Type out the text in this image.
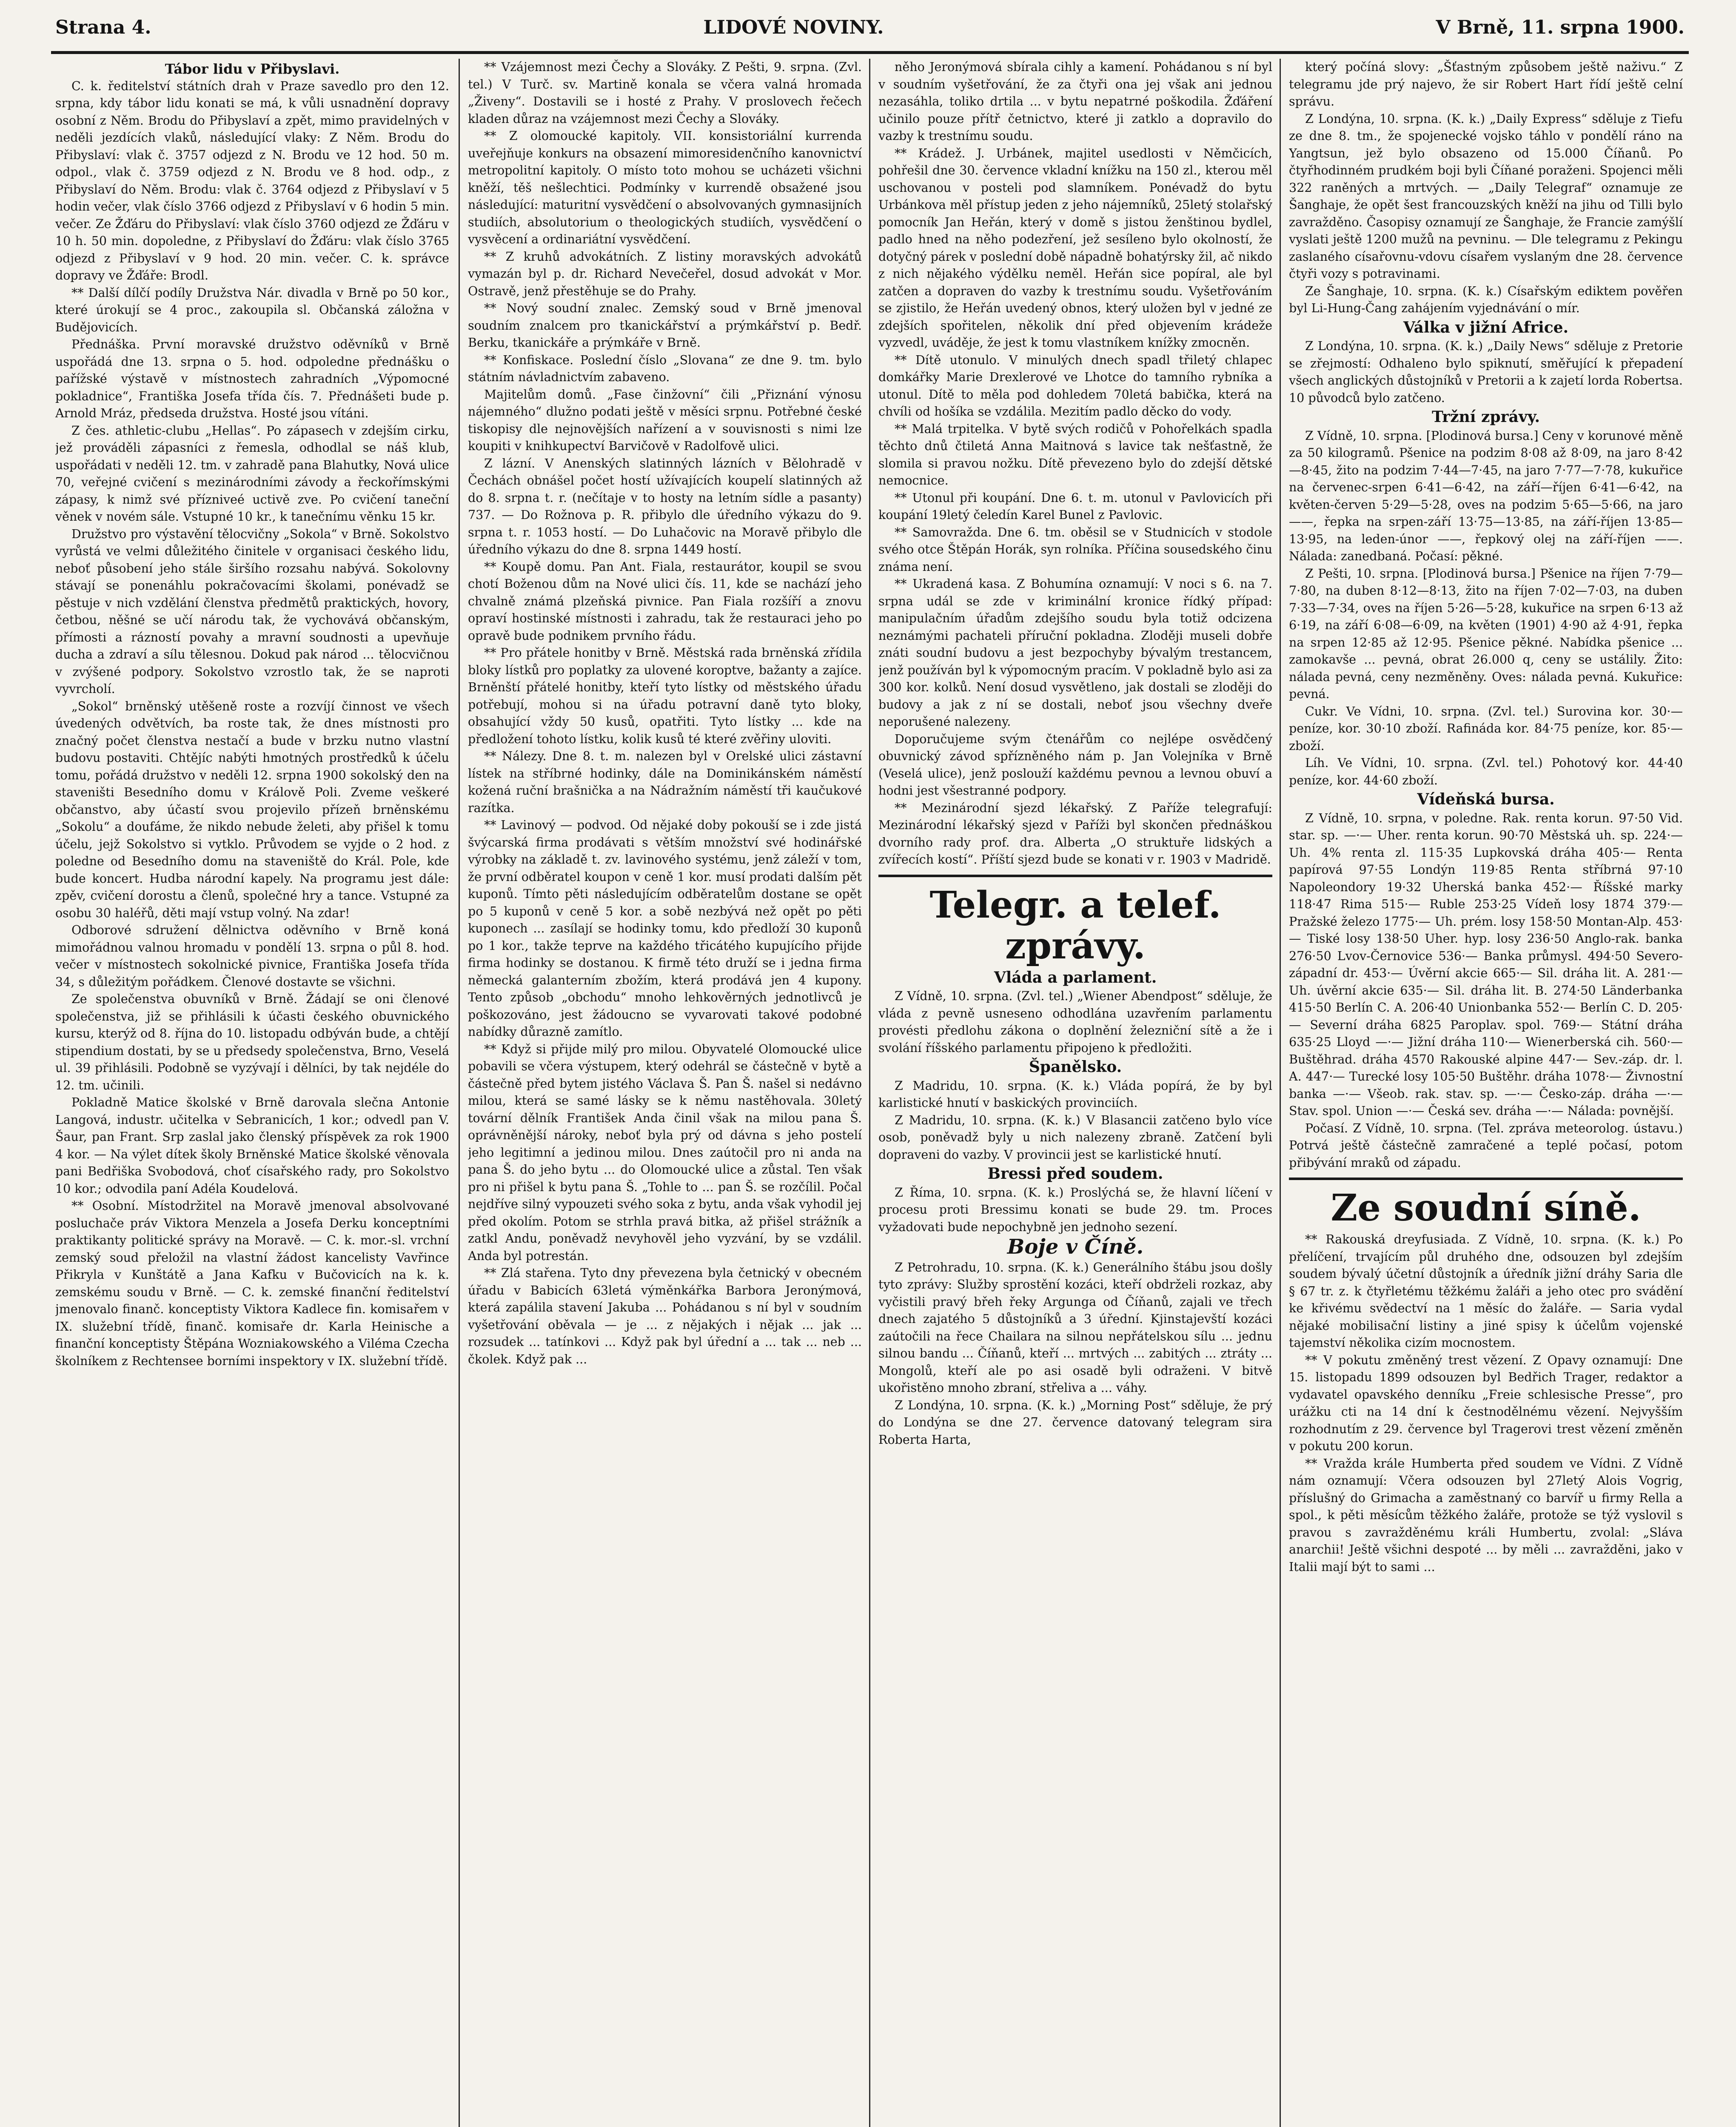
Strana 4.	LIDOVÉ NOVINY.	V Brně, 11. srpna 1900.
Tábor lidu v Přibyslavi.

C. k. ředitelství státních drah v Praze savedlo pro den 12. srpna, kdy tábor lidu konati se má, k vůli usnadnění dopravy osobní z Něm. Brodu do Přibyslaví a zpět, mimo pravidelných v neděli jezdících vlaků, následující vlaky: Z Něm. Brodu do Přibyslaví: vlak č. 3757 odjezd z N. Brodu ve 12 hod. 50 m. odpol., vlak č. 3759 odjezd z N. Brodu ve 8 hod. odp., z Přibyslaví do Něm. Brodu: vlak č. 3764 odjezd z Přibyslaví v 5 hodin večer, vlak číslo 3766 odjezd z Přibyslaví v 6 hodin 5 min. večer. Ze Žďáru do Přibyslaví: vlak číslo 3760 odjezd ze Žďáru v 10 h. 50 min. dopoledne, z Přibyslaví do Žďáru: vlak číslo 3765 odjezd z Přibyslaví v 9 hod. 20 min. večer. C. k. správce dopravy ve Žďáře: Brodl.

** Další dílčí podíly Družstva Nár. divadla v Brně po 50 kor., které úrokují se 4 proc., zakoupila sl. Občanská záložna v Budějovicích.

Přednáška. První moravské družstvo oděvníků v Brně uspořádá dne 13. srpna o 5. hod. odpoledne přednášku o pařížské výstavě v místnostech zahradních „Výpomocné pokladnice“, Františka Josefa třída čís. 7. Přednášeti bude p. Arnold Mráz, předseda družstva. Hosté jsou vítáni.

Z čes. athletic-clubu „Hellas“. Po zápasech v zdejším cirku, jež prováděli zápasníci z řemesla, odhodlal se náš klub, uspořádati v neděli 12. tm. v zahradě pana Blahutky, Nová ulice 70, veřejné cvičení s mezinárodními závody a řeckořímskými zápasy, k nimž své přízniveé uctivě zve. Po cvičení taneční věnek v novém sále. Vstupné 10 kr., k tanečnímu věnku 15 kr.

Družstvo pro výstavění tělocvičny „Sokola“ v Brně. Sokolstvo vyrůstá ve velmi důležitého činitele v organisaci českého lidu, neboť působení jeho stále širšího rozsahu nabývá. Sokolovny stávají se ponenáhlu pokračovacími školami, ponévadž se pěstuje v nich vzdělání členstva předmětů praktických, hovory, četbou, něšné se učí národu tak, že vychovává občanským, přímosti a rázností povahy a mravní soudnosti a upevňuje ducha a zdraví a sílu tělesnou. Dokud pak národ ... tělocvičnou v zvýšené podpory. Sokolstvo vzrostlo tak, že se naproti vyvrcholí.

„Sokol“ brněnský utěšeně roste a rozvíjí činnost ve všech úvedených odvětvích, ba roste tak, že dnes místnosti pro značný počet členstva nestačí a bude v brzku nutno vlastní budovu postaviti. Chtějíc nabýti hmotných prostředků k účelu tomu, pořádá družstvo v neděli 12. srpna 1900 sokolský den na staveništi Besedního domu v Králově Poli. Zveme veškeré občanstvo, aby účastí svou projevilo přízeň brněnskému „Sokolu“ a doufáme, že nikdo nebude želeti, aby přišel k tomu účelu, jejž Sokolstvo si vytklo. Průvodem se vyjde o 2 hod. z poledne od Besedního domu na staveniště do Král. Pole, kde bude koncert. Hudba národní kapely. Na programu jest dále: zpěv, cvičení dorostu a členů, společné hry a tance. Vstupné za osobu 30 haléřů, děti mají vstup volný. Na zdar!

Odborové sdružení dělnictva oděvního v Brně koná mimořádnou valnou hromadu v pondělí 13. srpna o půl 8. hod. večer v místnostech sokolnické pivnice, Františka Josefa třída 34, s důležitým pořádkem. Členové dostavte se všichni.

Ze společenstva obuvníků v Brně. Žádají se oni členové společenstva, již se přihlásili k účasti českého obuvnického kursu, kterýž od 8. října do 10. listopadu odbýván bude, a chtějí stipendium dostati, by se u předsedy společenstva, Brno, Veselá ul. 39 přihlásili. Podobně se vyzývají i dělníci, by tak nejdéle do 12. tm. učinili.

Pokladně Matice školské v Brně darovala slečna Antonie Langová, industr. učitelka v Sebranicích, 1 kor.; odvedl pan V. Šaur, pan Frant. Srp zaslal jako členský příspěvek za rok 1900 4 kor. — Na výlet dítek školy Brněnské Matice školské věnovala pani Bedřiška Svobodová, choť císařského rady, pro Sokolstvo 10 kor.; odvodila paní Adéla Koudelová.

** Osobní. Místodržitel na Moravě jmenoval absolvované posluchače práv Viktora Menzela a Josefa Derku konceptními praktikanty politické správy na Moravě. — C. k. mor.-sl. vrchní zemský soud přeložil na vlastní žádost kancelisty Vavřince Přikryla v Kunštátě a Jana Kafku v Bučovicích na k. k. zemskému soudu v Brně. — C. k. zemské finanční ředitelství jmenovalo finanč. konceptisty Viktora Kadlece fin. komisařem v IX. služební třídě, finanč. komisaře dr. Karla Heinische a finanční konceptisty Štěpána Wozniakowského a Viléma Czecha školníkem z Rechtensee borními inspektory v IX. služební třídě.

** Vzájemnost mezi Čechy a Slováky. Z Pešti, 9. srpna. (Zvl. tel.) V Turč. sv. Martině konala se včera valná hromada „Živeny“. Dostavili se i hosté z Prahy. V proslovech řečech kladen důraz na vzájemnost mezi Čechy a Slováky.

** Z olomoucké kapitoly. VII. konsistoriální kurrenda uveřejňuje konkurs na obsazení mimoresidenčního kanovnictví metropolitní kapitoly. O místo toto mohou se ucházeti všichni kněží, těš nešlechtici. Podmínky v kurrendě obsažené jsou následující: maturitní vysvědčení o absolvovaných gymnasijních studiích, absolutorium o theologických studiích, vysvědčení o vysvěcení a ordinariátní vysvědčení.

** Z kruhů advokátních. Z listiny moravských advokátů vymazán byl p. dr. Richard Nevečeřel, dosud advokát v Mor. Ostravě, jenž přestěhuje se do Prahy.

** Nový soudní znalec. Zemský soud v Brně jmenoval soudním znalcem pro tkanickářství a prýmkářství p. Bedř. Berku, tkanickáře a prýmkáře v Brně.

** Konfiskace. Poslední číslo „Slovana“ ze dne 9. tm. bylo státním návladnictvím zabaveno.

Majitelům domů. „Fase činžovní“ čili „Přiznání výnosu nájemného“ dlužno podati ještě v měsíci srpnu. Potřebné české tiskopisy dle nejnovějších nařízení a v souvisnosti s nimi lze koupiti v knihkupectví Barvičově v Radolfově ulici.

Z lázní. V Anenských slatinných lázních v Bělohradě v Čechách obnášel počet hostí užívajících koupelí slatinných až do 8. srpna t. r. (nečítaje v to hosty na letním sídle a pasanty) 737. — Do Rožnova p. R. přibylo dle úředního výkazu do 9. srpna t. r. 1053 hostí. — Do Luhačovic na Moravě přibylo dle úředního výkazu do dne 8. srpna 1449 hostí.

** Koupě domu. Pan Ant. Fiala, restaurátor, koupil se svou chotí Boženou dům na Nové ulici čís. 11, kde se nachází jeho chvalně známá plzeňská pivnice. Pan Fiala rozšíří a znovu opraví hostinské místnosti i zahradu, tak že restauraci jeho po opravě bude podnikem prvního řádu.

** Pro přátele honitby v Brně. Městská rada brněnská zřídila bloky lístků pro poplatky za ulovené koroptve, bažanty a zajíce. Brněnští přátelé honitby, kteří tyto lístky od městského úřadu potřebují, mohou si na úřadu potravní daně tyto bloky, obsahující vždy 50 kusů, opatřiti. Tyto lístky ... kde na předložení tohoto lístku, kolik kusů té které zvěřiny uloviti.

** Nálezy. Dne 8. t. m. nalezen byl v Orelské ulici zástavní lístek na stříbrné hodinky, dále na Dominikánském náměstí kožená ruční brašnička a na Nádražním náměstí tři kaučukové razítka.

** Lavinový — podvod. Od nějaké doby pokouší se i zde jistá švýcarská firma prodávati s větším množství své hodinářské výrobky na základě t. zv. lavinového systému, jenž záleží v tom, že první odběratel koupon v ceně 1 kor. musí prodati dalším pět kuponů. Tímto pěti následujícím odběratelům dostane se opět po 5 kuponů v ceně 5 kor. a sobě nezbývá než opět po pěti kuponech ... zasílají se hodinky tomu, kdo předloží 30 kuponů po 1 kor., takže teprve na každého třicátého kupujícího přijde firma hodinky se dostanou. K firmě této druží se i jedna firma německá galanterním zbožím, která prodává jen 4 kupony. Tento způsob „obchodu“ mnoho lehkověrných jednotlivců je poškozováno, jest žádoucno se vyvarovati takové podobné nabídky důrazně zamítlo.

** Když si přijde milý pro milou. Obyvatelé Olomoucké ulice pobavili se včera výstupem, který odehrál se částečně v bytě a částečně před bytem jistého Václava Š. Pan Š. našel si nedávno milou, která se samé lásky se k němu nastěhovala. 30letý tovární dělník František Anda činil však na milou pana Š. oprávněnější nároky, neboť byla prý od dávna s jeho postelí jeho legitimní a jedinou milou. Dnes zaútočil pro ni anda na pana Š. do jeho bytu ... do Olomoucké ulice a zůstal. Ten však pro ni přišel k bytu pana Š. „Tohle to ... pan Š. se rozčílil. Počal nejdříve silný vypouzeti svého soka z bytu, anda však vyhodil jej před okolím. Potom se strhla pravá bitka, až přišel strážník a zatkl Andu, poněvadž nevyhověl jeho vyzvání, by se vzdálil. Anda byl potrestán.

** Zlá stařena. Tyto dny převezena byla četnický v obecném úřadu v Babicích 63letá výměnkářka Barbora Jeronýmová, která zapálila stavení Jakuba ... Pohádanou s ní byl v soudním vyšetřování oběvala — je ... z nějakých i nějak ... jak ... rozsudek ... tatínkovi ... Když pak byl úřední a ... tak ... neb ... čkolek. Když pak ...

něho Jeronýmová sbírala cihly a kamení. Pohádanou s ní byl v soudním vyšetřování, že za čtyři ona jej však ani jednou nezasáhla, toliko drtila ... v bytu nepatrné poškodila. Žďáření učinilo pouze přítř četnictvo, které ji zatklo a dopravilo do vazby k trestnímu soudu.

** Krádež. J. Urbánek, majitel usedlosti v Němčicích, pohřešil dne 30. července vkladní knížku na 150 zl., kterou měl uschovanou v posteli pod slamníkem. Ponévadž do bytu Urbánkova měl přístup jeden z jeho nájemníků, 25letý stolařský pomocník Jan Heřán, který v domě s jistou ženštinou bydlel, padlo hned na něho podezření, jež sesíleno bylo okolností, že dotyčný párek v poslední době nápadně bohatýrsky žil, ač nikdo z nich nějakého výdělku neměl. Heřán sice popíral, ale byl zatčen a dopraven do vazby k trestnímu soudu. Vyšetřováním se zjistilo, že Heřán uvedený obnos, který uložen byl v jedné ze zdejších spořitelen, několik dní před objevením krádeže vyzvedl, uváděje, že jest k tomu vlastníkem knížky zmocněn.

** Dítě utonulo. V minulých dnech spadl třiletý chlapec domkářky Marie Drexlerové ve Lhotce do tamního rybníka a utonul. Dítě to měla pod dohledem 70letá babička, která na chvíli od hošíka se vzdálila. Mezitím padlo děcko do vody.

** Malá trpitelka. V bytě svých rodičů v Pohořelkách spadla těchto dnů čtiletá Anna Maitnová s lavice tak nešťastně, že slomila si pravou nožku. Dítě převezeno bylo do zdejší dětské nemocnice.

** Utonul při koupání. Dne 6. t. m. utonul v Pavlovicích při koupání 19letý čeledín Karel Bunel z Pavlovic.

** Samovražda. Dne 6. tm. oběsil se v Studnicích v stodole svého otce Štěpán Horák, syn rolníka. Příčina sousedského činu známa není.

** Ukradená kasa. Z Bohumína oznamují: V noci s 6. na 7. srpna udál se zde v kriminální kronice řídký případ: manipulačním úřadům zdejšího soudu byla totiž odcizena neznámými pachateli příruční pokladna. Zloději museli dobře znáti soudní budovu a jest bezpochyby bývalým trestancem, jenž používán byl k výpomocným pracím. V pokladně bylo asi za 300 kor. kolků. Není dosud vysvětleno, jak dostali se zloději do budovy a jak z ní se dostali, neboť jsou všechny dveře neporušené nalezeny.

Doporučujeme svým čtenářům co nejlépe osvědčený obuvnický závod spřízněného nám p. Jan Volejníka v Brně (Veselá ulice), jenž poslouží každému pevnou a levnou obuví a hodni jest všestranné podpory.

** Mezinárodní sjezd lékařský. Z Paříže telegrafují: Mezinárodní lékařský sjezd v Paříži byl skončen přednáškou dvorního rady prof. dra. Alberta „O struktuře lidských a zvířecích kostí“. Příští sjezd bude se konati v r. 1903 v Madridě.

Telegr. a telef. zprávy.
Vláda a parlament.

Z Vídně, 10. srpna. (Zvl. tel.) „Wiener Abendpost“ sděluje, že vláda z pevně usneseno odhodlána uzavřením parlamentu provésti předlohu zákona o doplnění železniční sítě a že i svolání říšského parlamentu připojeno k předložiti.

Španělsko.

Z Madridu, 10. srpna. (K. k.) Vláda popírá, že by byl karlistické hnutí v baskických provinciích.

Z Madridu, 10. srpna. (K. k.) V Blasancii zatčeno bylo více osob, poněvadž byly u nich nalezeny zbraně. Zatčení byli dopraveni do vazby. V provincii jest se karlistické hnutí.

Bressi před soudem.

Z Říma, 10. srpna. (K. k.) Proslýchá se, že hlavní líčení v procesu proti Bressimu konati se bude 29. tm. Proces vyžadovati bude nepochybně jen jednoho sezení.

Boje v Číně.

Z Petrohradu, 10. srpna. (K. k.) Generálního štábu jsou došly tyto zprávy: Služby sprostění kozáci, kteří obdrželi rozkaz, aby vyčistili pravý břeh řeky Argunga od Číňanů, zajali ve třech dnech zajatého 5 důstojníků a 3 úřední. Kjinstajevští kozáci zaútočili na řece Chailara na silnou nepřátelskou sílu ... jednu silnou bandu ... Číňanů, kteří ... mrtvých ... zabitých ... ztráty ... Mongolů, kteří ale po asi osadě byli odraženi. V bitvě ukořistěno mnoho zbraní, střeliva a ... váhy.

Z Londýna, 10. srpna. (K. k.) „Morning Post“ sděluje, že prý do Londýna se dne 27. července datovaný telegram sira Roberta Harta,

který počíná slovy: „Šťastným způsobem ještě naživu.“ Z telegramu jde prý najevo, že sir Robert Hart řídí ještě celní správu.

Z Londýna, 10. srpna. (K. k.) „Daily Express“ sděluje z Tiefu ze dne 8. tm., že spojenecké vojsko táhlo v pondělí ráno na Yangtsun, jež bylo obsazeno od 15.000 Číňanů. Po čtyřhodinném prudkém boji byli Číňané poraženi. Spojenci měli 322 raněných a mrtvých. — „Daily Telegraf“ oznamuje ze Šanghaje, že opět šest francouzských kněží na jihu od Tilli bylo zavražděno. Časopisy oznamují ze Šanghaje, že Francie zamýšlí vyslati ještě 1200 mužů na pevninu. — Dle telegramu z Pekingu zaslaného císařovnu-vdovu císařem vyslaným dne 28. července čtyři vozy s potravinami.

Ze Šanghaje, 10. srpna. (K. k.) Císařským ediktem pověřen byl Li-Hung-Čang zahájením vyjednávání o mír.

Válka v jižní Africe.

Z Londýna, 10. srpna. (K. k.) „Daily News“ sděluje z Pretorie se zřejmostí: Odhaleno bylo spiknutí, směřující k přepadení všech anglických důstojníků v Pretorii a k zajetí lorda Robertsa. 10 původců bylo zatčeno.

Tržní zprávy.

Z Vídně, 10. srpna. [Plodinová bursa.] Ceny v korunové měně za 50 kilogramů. Pšenice na podzim 8·08 až 8·09, na jaro 8·42—8·45, žito na podzim 7·44—7·45, na jaro 7·77—7·78, kukuřice na červenec-srpen 6·41—6·42, na září—říjen 6·41—6·42, na květen-červen 5·29—5·28, oves na podzim 5·65—5·66, na jaro ——, řepka na srpen-září 13·75—13·85, na září-říjen 13·85—13·95, na leden-únor ——, řepkový olej na září-říjen ——. Nálada: zanedbaná. Počasí: pěkné.

Z Pešti, 10. srpna. [Plodinová bursa.] Pšenice na říjen 7·79—7·80, na duben 8·12—8·13, žito na říjen 7·02—7·03, na duben 7·33—7·34, oves na říjen 5·26—5·28, kukuřice na srpen 6·13 až 6·19, na září 6·08—6·09, na květen (1901) 4·90 až 4·91, řepka na srpen 12·85 až 12·95. Pšenice pěkné. Nabídka pšenice ... zamokavše ... pevná, obrat 26.000 q, ceny se ustálily. Žito: nálada pevná, ceny nezměněny. Oves: nálada pevná. Kukuřice: pevná.

Cukr. Ve Vídni, 10. srpna. (Zvl. tel.) Surovina kor. 30·— peníze, kor. 30·10 zboží. Rafináda kor. 84·75 peníze, kor. 85·— zboží.

Líh. Ve Vídni, 10. srpna. (Zvl. tel.) Pohotový kor. 44·40 peníze, kor. 44·60 zboží.

Vídeňská bursa.

Z Vídně, 10. srpna, v poledne. Rak. renta korun. 97·50 Vid. star. sp. —·— Uher. renta korun. 90·70 Městská uh. sp. 224·— Uh. 4% renta zl. 115·35 Lupkovská dráha 405·— Renta papírová 97·55 Londýn 119·85 Renta stříbrná 97·10 Napoleondory 19·32 Uherská banka 452·— Říšské marky 118·47 Rima 515·— Ruble 253·25 Vídeň losy 1874 379·— Pražské železo 1775·— Uh. prém. losy 158·50 Montan-Alp. 453·— Tiské losy 138·50 Uher. hyp. losy 236·50 Anglo-rak. banka 276·50 Lvov-Černovice 536·— Banka průmysl. 494·50 Severo-západní dr. 453·— Úvěrní akcie 665·— Sil. dráha lit. A. 281·— Uh. úvěrní akcie 635·— Sil. dráha lit. B. 274·50 Länderbanka 415·50 Berlín C. A. 206·40 Unionbanka 552·— Berlín C. D. 205·— Severní dráha 6825 Paroplav. spol. 769·— Státní dráha 635·25 Lloyd —·— Jižní dráha 110·— Wienerberská cih. 560·— Buštěhrad. dráha 4570 Rakouské alpine 447·— Sev.-záp. dr. l. A. 447·— Turecké losy 105·50 Buštěhr. dráha 1078·— Živnostní banka —·— Všeob. rak. stav. sp. —·— Česko-záp. dráha —·— Stav. spol. Union —·— Česká sev. dráha —·— Nálada: povnější.

Počasí. Z Vídně, 10. srpna. (Tel. zpráva meteorolog. ústavu.) Potrvá ještě částečně zamračené a teplé počasí, potom přibývání mraků od západu.

Ze soudní síně.

** Rakouská dreyfusiada. Z Vídně, 10. srpna. (K. k.) Po přelíčení, trvajícím půl druhého dne, odsouzen byl zdejším soudem bývalý účetní důstojník a úředník jižní dráhy Saria dle § 67 tr. z. k čtyřletému těžkému žaláři a jeho otec pro svádění ke křivému svědectví na 1 měsíc do žaláře. — Saria vydal nějaké mobilisační listiny a jiné spisy k účelům vojenské tajemství několika cizím mocnostem.

** V pokutu změněný trest vězení. Z Opavy oznamují: Dne 15. listopadu 1899 odsouzen byl Bedřich Trager, redaktor a vydavatel opavského denníku „Freie schlesische Presse“, pro urážku cti na 14 dní k čestnodělnému vězení. Nejvyšším rozhodnutím z 29. července byl Tragerovi trest vězení změněn v pokutu 200 korun.

** Vražda krále Humberta před soudem ve Vídni. Z Vídně nám oznamují: Včera odsouzen byl 27letý Alois Vogrig, příslušný do Grimacha a zaměstnaný co barvíř u firmy Rella a spol., k pěti měsícům těžkého žaláře, protože se týž vyslovil s pravou s zavražděnému králi Humbertu, zvolal: „Sláva anarchii! Ještě všichni despoté ... by měli ... zavražděni, jako v Italii mají být to sami ...
